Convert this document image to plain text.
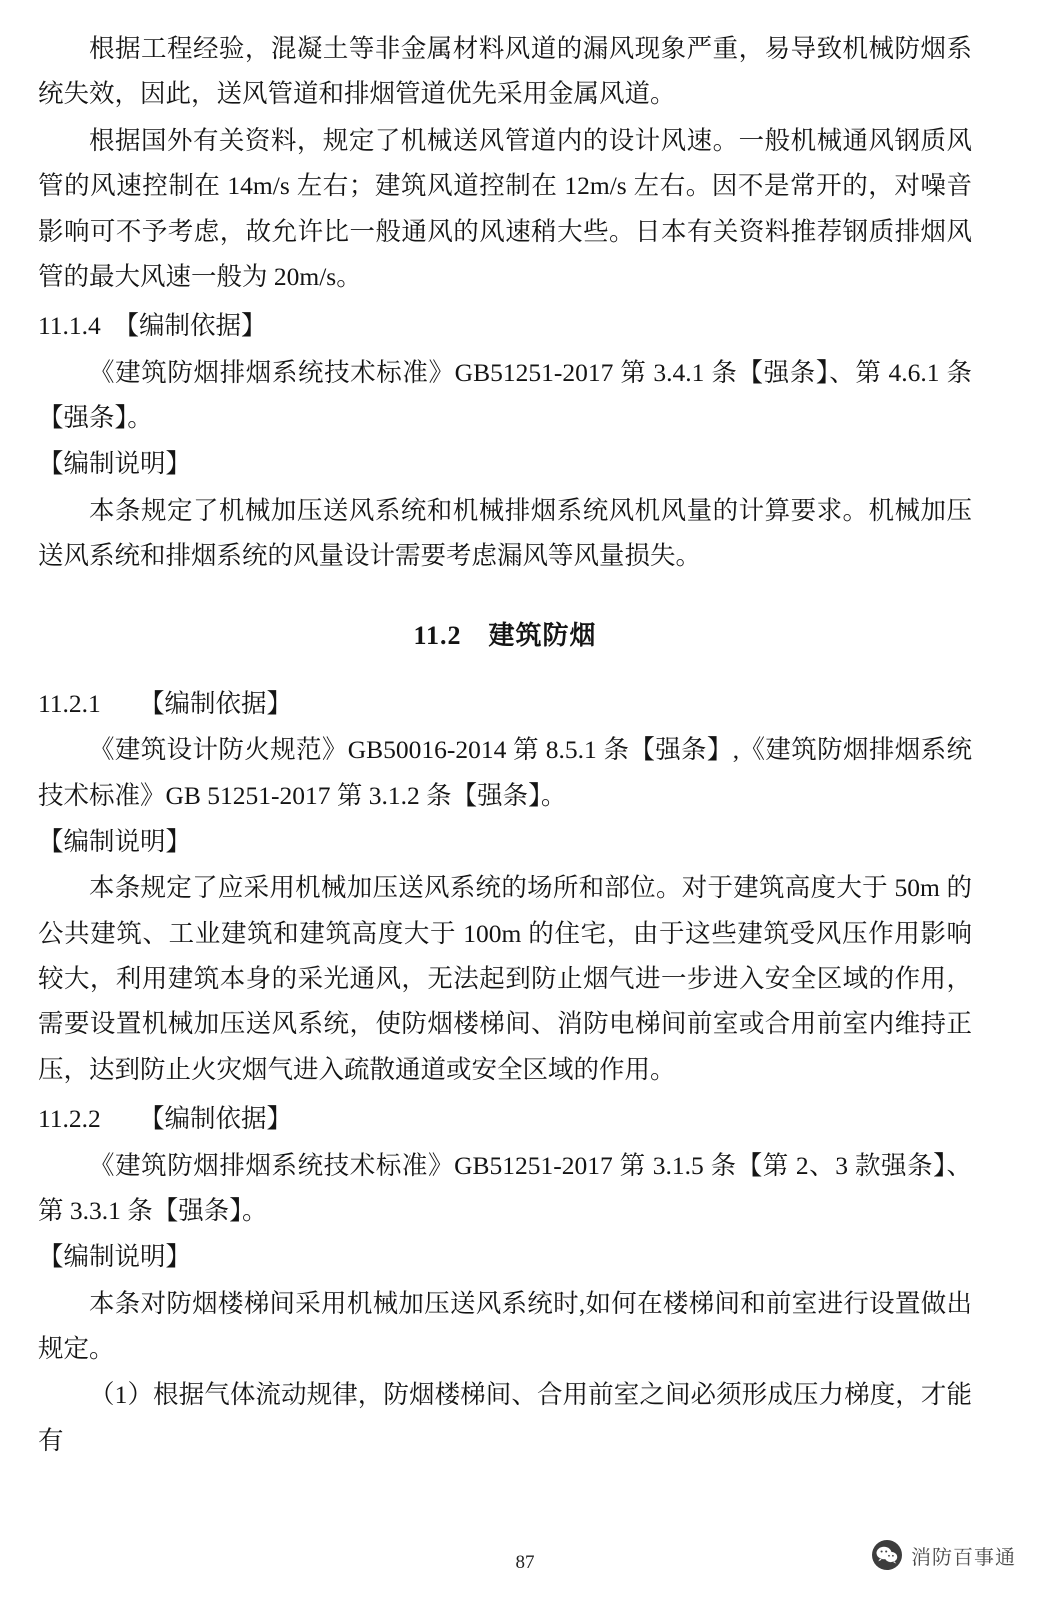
根据工程经验，混凝土等非金属材料风道的漏风现象严重，易导致机械防烟系统失效，因此，送风管道和排烟管道优先采用金属风道。

根据国外有关资料，规定了机械送风管道内的设计风速。一般机械通风钢质风管的风速控制在 14m/s 左右；建筑风道控制在 12m/s 左右。因不是常开的，对噪音影响可不予考虑，故允许比一般通风的风速稍大些。日本有关资料推荐钢质排烟风管的最大风速一般为 20m/s。

11.1.4　【编制依据】

《建筑防烟排烟系统技术标准》GB51251-2017 第 3.4.1 条【强条】、第 4.6.1 条【强条】。

【编制说明】

本条规定了机械加压送风系统和机械排烟系统风机风量的计算要求。机械加压送风系统和排烟系统的风量设计需要考虑漏风等风量损失。

11.2　建筑防烟

11.2.1　　【编制依据】

《建筑设计防火规范》GB50016-2014 第 8.5.1 条【强条】,《建筑防烟排烟系统技术标准》GB 51251-2017 第 3.1.2 条【强条】。

【编制说明】

本条规定了应采用机械加压送风系统的场所和部位。对于建筑高度大于 50m 的公共建筑、工业建筑和建筑高度大于 100m 的住宅，由于这些建筑受风压作用影响较大，利用建筑本身的采光通风，无法起到防止烟气进一步进入安全区域的作用，需要设置机械加压送风系统，使防烟楼梯间、消防电梯间前室或合用前室内维持正压，达到防止火灾烟气进入疏散通道或安全区域的作用。

11.2.2　　【编制依据】

《建筑防烟排烟系统技术标准》GB51251-2017 第 3.1.5 条【第 2、3 款强条】、第 3.3.1 条【强条】。

【编制说明】

本条对防烟楼梯间采用机械加压送风系统时,如何在楼梯间和前室进行设置做出规定。

（1）根据气体流动规律，防烟楼梯间、合用前室之间必须形成压力梯度，才能有

87	消防百事通
